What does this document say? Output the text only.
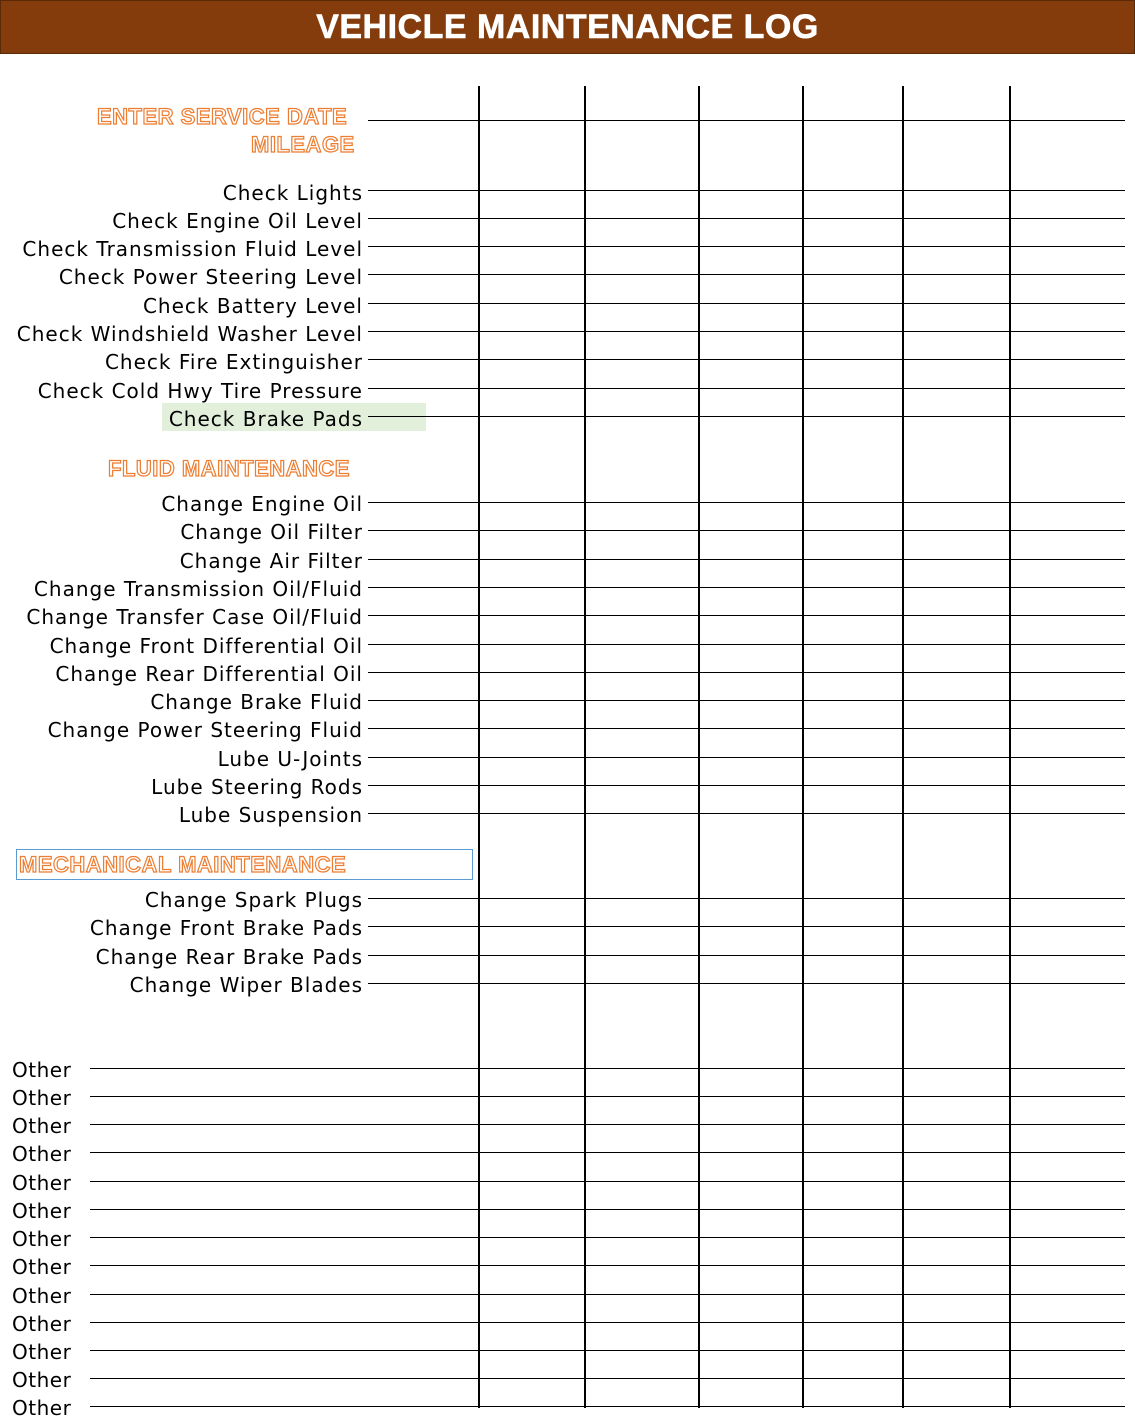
VEHICLE MAINTENANCE LOG
ENTER SERVICE DATE
MILEAGE
FLUID MAINTENANCE
MECHANICAL MAINTENANCE
Check Lights
Check Engine Oil Level
Check Transmission Fluid Level
Check Power Steering Level
Check Battery Level
Check Windshield Washer Level
Check Fire Extinguisher
Check Cold Hwy Tire Pressure
Check Brake Pads
Change Engine Oil
Change Oil Filter
Change Air Filter
Change Transmission Oil/Fluid
Change Transfer Case Oil/Fluid
Change Front Differential Oil
Change Rear Differential Oil
Change Brake Fluid
Change Power Steering Fluid
Lube U-Joints
Lube Steering Rods
Lube Suspension
Change Spark Plugs
Change Front Brake Pads
Change Rear Brake Pads
Change Wiper Blades
Other
Other
Other
Other
Other
Other
Other
Other
Other
Other
Other
Other
Other
